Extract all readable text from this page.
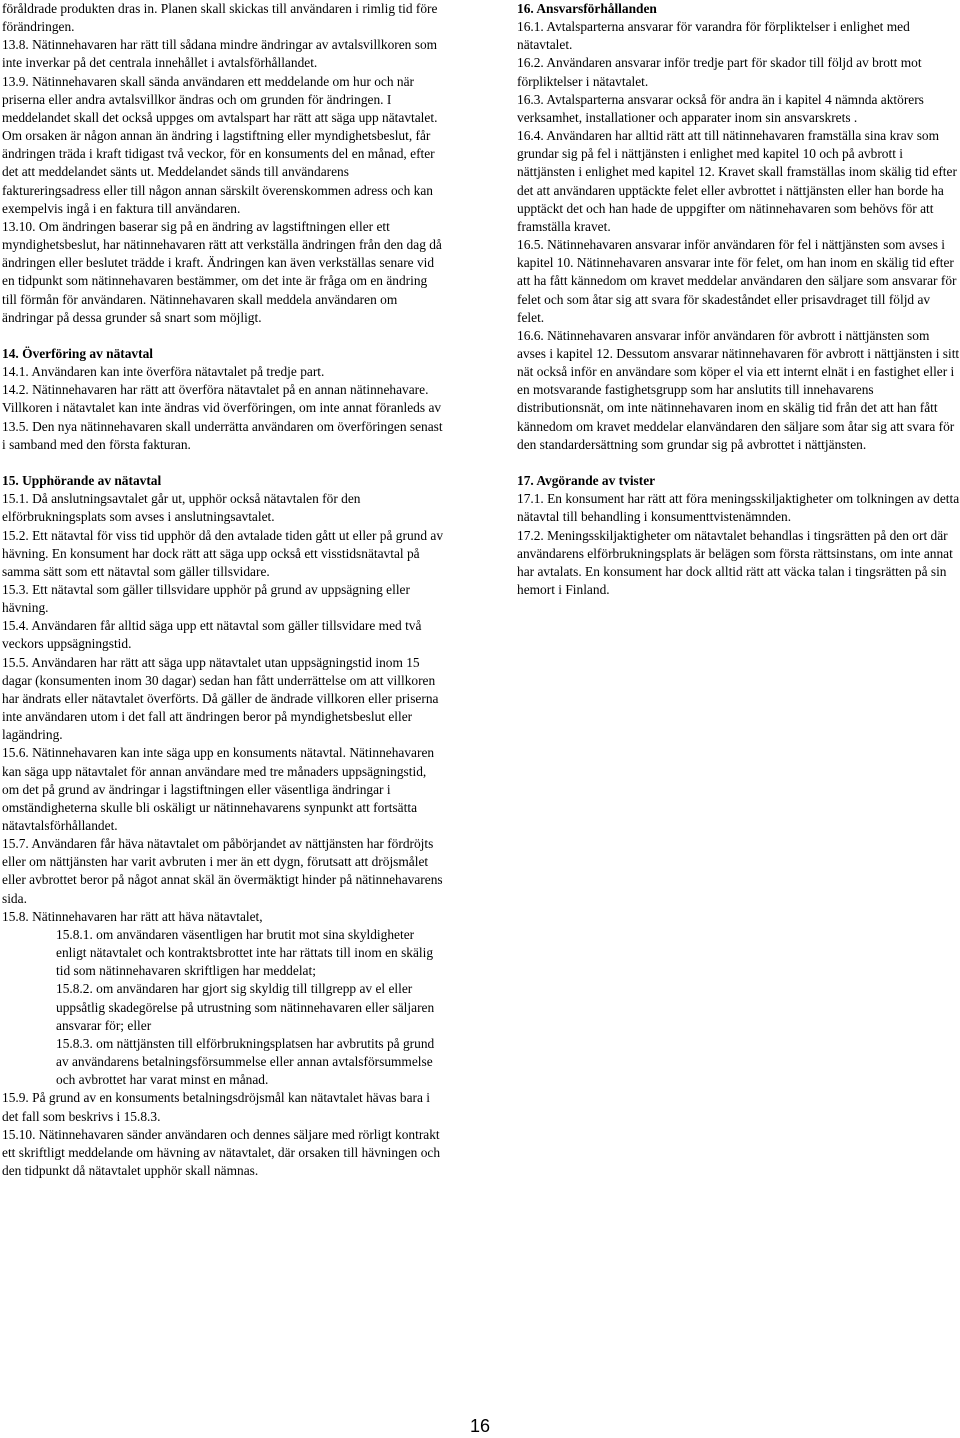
föråldrade produkten dras in. Planen skall skickas till användaren i rimlig tid före förändringen.

13.8. Nätinnehavaren har rätt till sådana mindre ändringar av avtalsvillkoren som inte inverkar på det centrala innehållet i avtalsförhållandet.

13.9. Nätinnehavaren skall sända användaren ett meddelande om hur och när priserna eller andra avtalsvillkor ändras och om grunden för ändringen. I meddelandet skall det också uppges om avtalspart har rätt att säga upp nätavtalet. Om orsaken är någon annan än ändring i lagstiftning eller myndighetsbeslut, får ändringen träda i kraft tidigast två veckor, för en konsuments del en månad, efter det att meddelandet sänts ut. Meddelandet sänds till användarens faktureringsadress eller till någon annan särskilt överenskommen adress och kan exempelvis ingå i en faktura till användaren.

13.10. Om ändringen baserar sig på en ändring av lagstiftningen eller ett myndighetsbeslut, har nätinnehavaren rätt att verkställa ändringen från den dag då ändringen eller beslutet trädde i kraft. Ändringen kan även verkställas senare vid en tidpunkt som nätinnehavaren bestämmer, om det inte är fråga om en ändring till förmån för användaren. Nätinnehavaren skall meddela användaren om ändringar på dessa grunder så snart som möjligt.

14. Överföring av nätavtal

14.1. Användaren kan inte överföra nätavtalet på tredje part.

14.2. Nätinnehavaren har rätt att överföra nätavtalet på en annan nätinnehavare. Villkoren i nätavtalet kan inte ändras vid överföringen, om inte annat föranleds av 13.5. Den nya nätinnehavaren skall underrätta användaren om överföringen senast i samband med den första fakturan.

15. Upphörande av nätavtal

15.1. Då anslutningsavtalet går ut, upphör också nätavtalen för den elförbrukningsplats som avses i anslutningsavtalet.

15.2. Ett nätavtal för viss tid upphör då den avtalade tiden gått ut eller på grund av hävning. En konsument har dock rätt att säga upp också ett visstidsnätavtal på samma sätt som ett nätavtal som gäller tillsvidare.

15.3. Ett nätavtal som gäller tillsvidare upphör på grund av uppsägning eller hävning.

15.4. Användaren får alltid säga upp ett nätavtal som gäller tillsvidare med två veckors uppsägningstid.

15.5. Användaren har rätt att säga upp nätavtalet utan uppsägningstid inom 15 dagar (konsumenten inom 30 dagar) sedan han fått underrättelse om att villkoren har ändrats eller nätavtalet överförts. Då gäller de ändrade villkoren eller priserna inte användaren utom i det fall att ändringen beror på myndighetsbeslut eller lagändring.

15.6. Nätinnehavaren kan inte säga upp en konsuments nätavtal. Nätinnehavaren kan säga upp nätavtalet för annan användare med tre månaders uppsägningstid, om det på grund av ändringar i lagstiftningen eller väsentliga ändringar i omständigheterna skulle bli oskäligt ur nätinnehavarens synpunkt att fortsätta nätavtalsförhållandet.

15.7. Användaren får häva nätavtalet om påbörjandet av nättjänsten har fördröjts eller om nättjänsten har varit avbruten i mer än ett dygn, förutsatt att dröjsmålet eller avbrottet beror på något annat skäl än övermäktigt hinder på nätinnehavarens sida.

15.8. Nätinnehavaren har rätt att häva nätavtalet,

15.8.1. om användaren väsentligen har brutit mot sina skyldigheter enligt nätavtalet och kontraktsbrottet inte har rättats till inom en skälig tid som nätinnehavaren skriftligen har meddelat;

15.8.2. om användaren har gjort sig skyldig till tillgrepp av el eller uppsåtlig skadegörelse på utrustning som nätinnehavaren eller säljaren ansvarar för; eller

15.8.3. om nättjänsten till elförbrukningsplatsen har avbrutits på grund av användarens betalningsförsummelse eller annan avtalsförsummelse och avbrottet har varat minst en månad.

15.9. På grund av en konsuments betalningsdröjsmål kan nätavtalet hävas bara i det fall som beskrivs i 15.8.3.

15.10. Nätinnehavaren sänder användaren och dennes säljare med rörligt kontrakt ett skriftligt meddelande om hävning av nätavtalet, där orsaken till hävningen och den tidpunkt då nätavtalet upphör skall nämnas.

16. Ansvarsförhållanden

16.1. Avtalsparterna ansvarar för varandra för förpliktelser i enlighet med nätavtalet.

16.2. Användaren ansvarar inför tredje part för skador till följd av brott mot förpliktelser i nätavtalet.

16.3. Avtalsparterna ansvarar också för andra än i kapitel 4 nämnda aktörers verksamhet, installationer och apparater inom sin ansvarskrets .

16.4. Användaren har alltid rätt att till nätinnehavaren framställa sina krav som grundar sig på fel i nättjänsten i enlighet med kapitel 10 och på avbrott i nättjänsten i enlighet med kapitel 12. Kravet skall framställas inom skälig tid efter det att användaren upptäckte felet eller avbrottet i nättjänsten eller han borde ha upptäckt det och han hade de uppgifter om nätinnehavaren som behövs för att framställa kravet.

16.5. Nätinnehavaren ansvarar inför användaren för fel i nättjänsten som avses i kapitel 10. Nätinnehavaren ansvarar inte för felet, om han inom en skälig tid efter att ha fått kännedom om kravet meddelar användaren den säljare som ansvarar för felet och som åtar sig att svara för skadeståndet eller prisavdraget till följd av felet.

16.6. Nätinnehavaren ansvarar inför användaren för avbrott i nättjänsten som avses i kapitel 12. Dessutom ansvarar nätinnehavaren för avbrott i nättjänsten i sitt nät också inför en användare som köper el via ett internt elnät i en fastighet eller i en motsvarande fastighetsgrupp som har anslutits till innehavarens distributionsnät, om inte nätinnehavaren inom en skälig tid från det att han fått kännedom om kravet meddelar elanvändaren den säljare som åtar sig att svara för den standardersättning som grundar sig på avbrottet i nättjänsten.

17. Avgörande av tvister

17.1. En konsument har rätt att föra meningsskiljaktigheter om tolkningen av detta nätavtal till behandling i konsumenttvistenämnden.

17.2. Meningsskiljaktigheter om nätavtalet behandlas i tingsrätten på den ort där användarens elförbrukningsplats är belägen som första rättsinstans, om inte annat har avtalats. En konsument har dock alltid rätt att väcka talan i tingsrätten på sin hemort i Finland.

16
